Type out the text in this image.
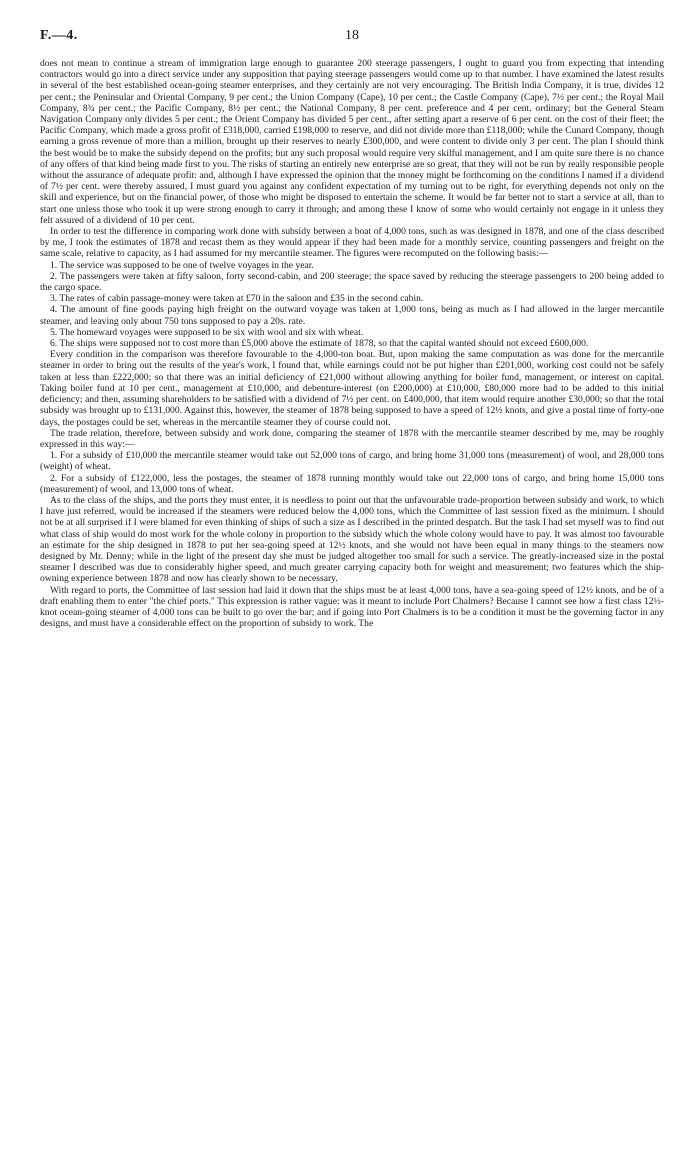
F.—4.	18

does not mean to continue a stream of immigration large enough to guarantee 200 steerage passengers, I ought to guard you from expecting that intending contractors would go into a direct service under any supposition that paying steerage passengers would come up to that number. I have examined the latest results in several of the best established ocean-going steamer enterprises, and they certainly are not very encouraging. The British India Company, it is true, divides 12 per cent.; the Peninsular and Oriental Company, 9 per cent.; the Union Company (Cape), 10 per cent.; the Castle Company (Cape), 7½ per cent.; the Royal Mail Company, 8¾ per cent.; the Pacific Company, 8½ per cent.; the National Company, 8 per cent. preference and 4 per cent. ordinary; but the General Steam Navigation Company only divides 5 per cent.; the Orient Company has divided 5 per cent., after setting apart a reserve of 6 per cent. on the cost of their fleet; the Pacific Company, which made a gross profit of £318,000, carried £198,000 to reserve, and did not divide more than £118,000; while the Cunard Company, though earning a gross revenue of more than a million, brought up their reserves to nearly £300,000, and were content to divide only 3 per cent. The plan I should think the best would be to make the subsidy depend on the profits; but any such proposal would require very skilful management, and I am quite sure there is no chance of any offers of that kind being made first to you. The risks of starting an entirely new enterprise are so great, that they will not be run by really responsible people without the assurance of adequate profit: and, although I have expressed the opinion that the money might be forthcoming on the conditions I named if a dividend of 7½ per cent. were thereby assured, I must guard you against any confident expectation of my turning out to be right, for everything depends not only on the skill and experience, but on the financial power, of those who might be disposed to entertain the scheme. It would be far better not to start a service at all, than to start one unless those who took it up were strong enough to carry it through; and among these I know of some who would certainly not engage in it unless they felt assured of a dividend of 10 per cent.

In order to test the difference in comparing work done with subsidy between a boat of 4,000 tons, such as was designed in 1878, and one of the class described by me, I took the estimates of 1878 and recast them as they would appear if they had been made for a monthly service, counting passengers and freight on the same scale, relative to capacity, as I had assumed for my mercantile steamer. The figures were recomputed on the following basis:—

1. The service was supposed to be one of twelve voyages in the year.

2. The passengers were taken at fifty saloon, forty second-cabin, and 200 steerage; the space saved by reducing the steerage passengers to 200 being added to the cargo space.

3. The rates of cabin passage-money were taken at £70 in the saloon and £35 in the second cabin.

4. The amount of fine goods paying high freight on the outward voyage was taken at 1,000 tons, being as much as I had allowed in the larger mercantile steamer, and leaving only about 750 tons supposed to pay a 20s. rate.

5. The homeward voyages were supposed to be six with wool and six with wheat.

6. The ships were supposed not to cost more than £5,000 above the estimate of 1878, so that the capital wanted should not exceed £600,000.

Every condition in the comparison was therefore favourable to the 4,000-ton boat. But, upon making the same computation as was done for the mercantile steamer in order to bring out the results of the year's work, I found that, while earnings could not be put higher than £201,000, working cost could not be safely taken at less than £222,000; so that there was an initial deficiency of £21,000 without allowing anything for boiler fund, management, or interest on capital. Taking boiler fund at 10 per cent., management at £10,000, and debenture-interest (on £200,000) at £10,000, £80,000 more had to be added to this initial deficiency; and then, assuming shareholders to be satisfied with a dividend of 7½ per cent. on £400,000, that item would require another £30,000; so that the total subsidy was brought up to £131,000. Against this, however, the steamer of 1878 being supposed to have a speed of 12½ knots, and give a postal time of forty-one days, the postages could be set, whereas in the mercantile steamer they of course could not.

The trade relation, therefore, between subsidy and work done, comparing the steamer of 1878 with the mercantile steamer described by me, may be roughly expressed in this way:—

1. For a subsidy of £10,000 the mercantile steamer would take out 52,000 tons of cargo, and bring home 31,000 tons (measurement) of wool, and 28,000 tons (weight) of wheat.

2. For a subsidy of £122,000, less the postages, the steamer of 1878 running monthly would take out 22,000 tons of cargo, and bring home 15,000 tons (measurement) of wool, and 13,000 tons of wheat.

As to the class of the ships, and the ports they must enter, it is needless to point out that the unfavourable trade-proportion between subsidy and work, to which I have just referred, would be increased if the steamers were reduced below the 4,000 tons, which the Committee of last session fixed as the minimum. I should not be at all surprised if I were blamed for even thinking of ships of such a size as I described in the printed despatch. But the task I had set myself was to find out what class of ship would do most work for the whole colony in proportion to the subsidy which the whole colony would have to pay. It was almost too favourable an estimate for the ship designed in 1878 to put her sea-going speed at 12½ knots, and she would not have been equal in many things to the steamers now designed by Mr. Denny; while in the light of the present day she must be judged altogether too small for such a service. The greatly-increased size in the postal steamer I described was due to considerably higher speed, and much greater carrying capacity both for weight and measurement; two features which the ship-owning experience between 1878 and now has clearly shown to be necessary.

With regard to ports, the Committee of last session had laid it down that the ships must be at least 4,000 tons, have a sea-going speed of 12½ knots, and be of a draft enabling them to enter "the chief ports." This expression is rather vague: was it meant to include Port Chalmers? Because I cannot see how a first class 12½-knot ocean-going steamer of 4,000 tons can be built to go over the bar; and if going into Port Chalmers is to be a condition it must be the governing factor in any designs, and must have a considerable effect on the proportion of subsidy to work. The
